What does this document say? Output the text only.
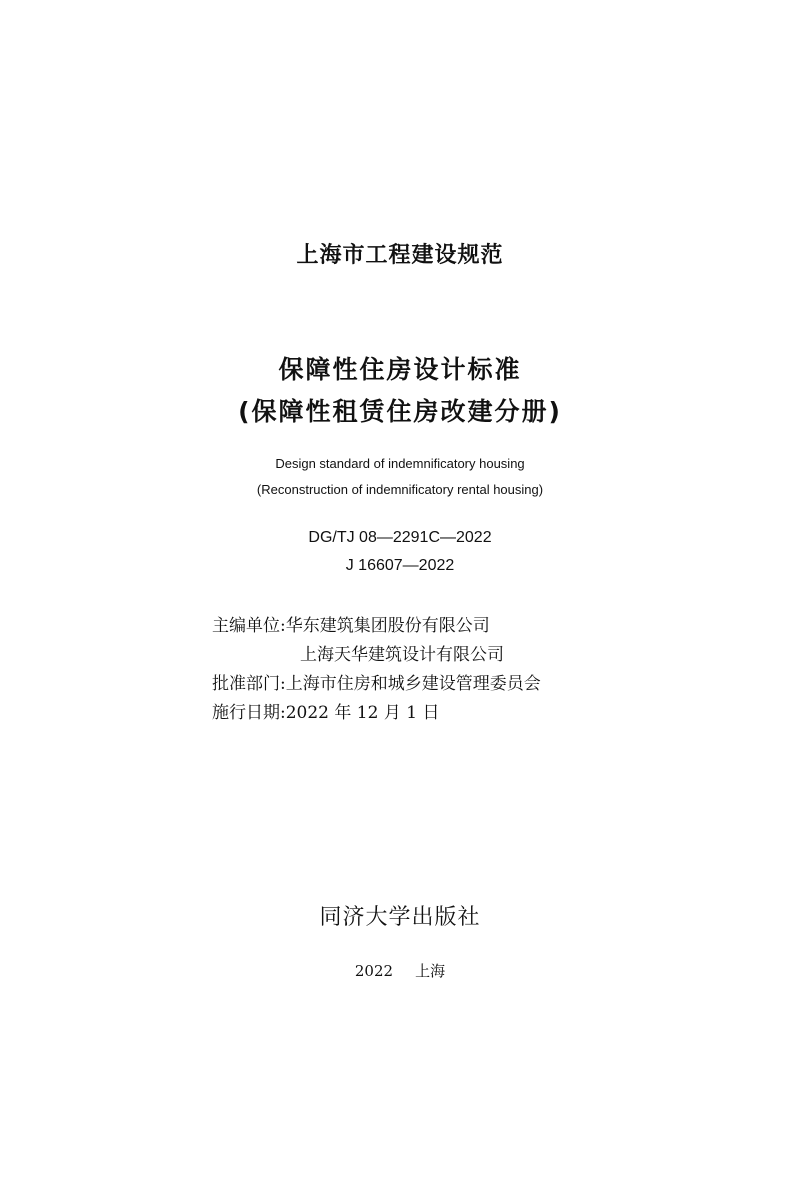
上海市工程建设规范
保障性住房设计标准
(保障性租赁住房改建分册)
Design standard of indemnificatory housing
(Reconstruction of indemnificatory rental housing)
DG/TJ 08—2291C—2022
J 16607—2022
主编单位:华东建筑集团股份有限公司
上海天华建筑设计有限公司
批准部门:上海市住房和城乡建设管理委员会
施行日期:2022 年 12 月 1 日
同济大学出版社
2022 上海
